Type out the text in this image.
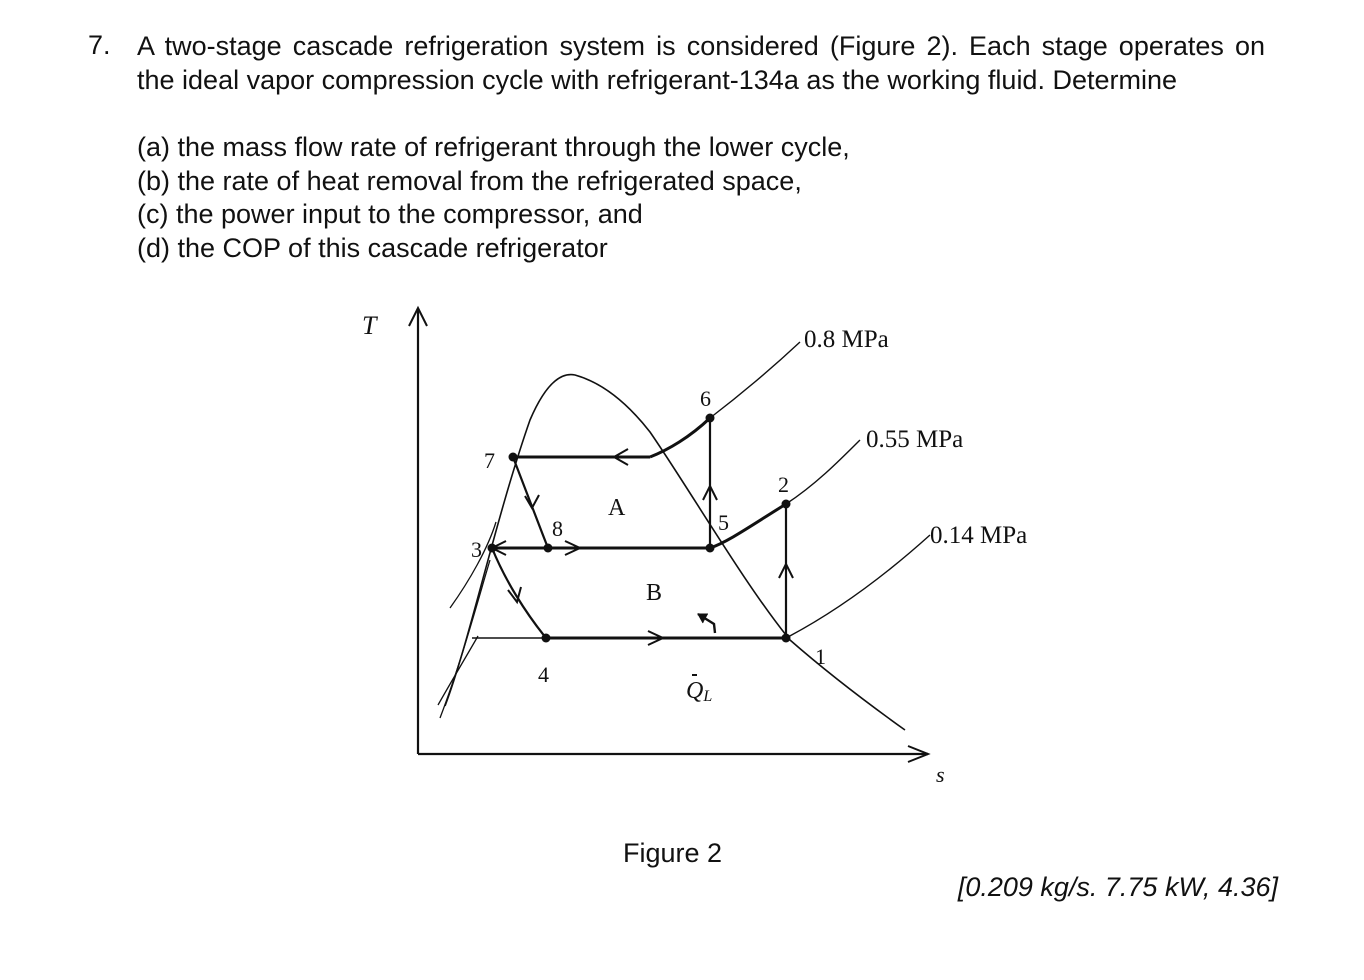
7. A two-stage cascade refrigeration system is considered (Figure 2). Each stage operates on the ideal vapor compression cycle with refrigerant-134a as the working fluid. Determine

(a) the mass flow rate of refrigerant through the lower cycle,
(b) the rate of heat removal from the refrigerated space,
(c) the power input to the compressor, and
(d) the COP of this cascade refrigerator
T
s
0.8 MPa
0.55 MPa
0.14 MPa
A
B
QL
1
2
3
4
5
6
7
8
Figure 2
[0.209 kg/s. 7.75 kW, 4.36]
